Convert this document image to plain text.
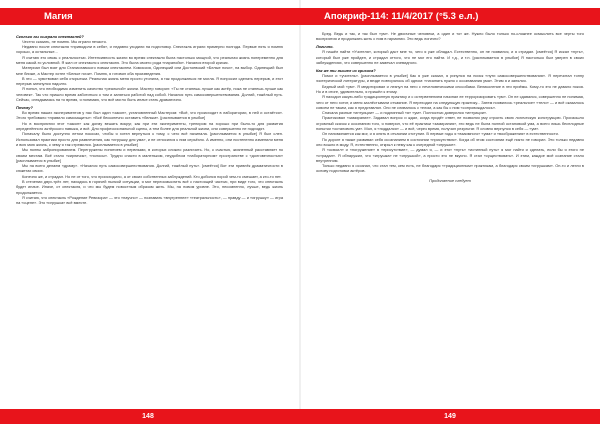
Магия

Сколько вы сыграли спектаклей?

Честно сказать, не помню. Мы играли нечасто.

Недавно после спектакля «приводили в себя», и недавно уходили на подготовку. Спектакль играли примерно полгода. Первые пять я помню хорошо, а остальные...

Я считаю это связь с реальностью. Интенсивность жизни во время спектакля была настолько мощной, что реальная жизнь попеременно для меня какой-то условной. Я жил от спектакля к спектаклю. Это была своего рода «паранойя». Начался второй кризис.

Материал был взят для Станиславского новым спектаклем. Комиссия, Одинецкий или Достоевский «Белые ночи», на выбор. Одинецкий был мне ближе, а Мастер хотел «Белые ночи». Помню, я готовил оба произведения.

В это — чувствовал себя открытым. Реальная жизнь меня просто утопила, я так продолжаться не могла. Я попросил сделать перерыв, и этот перерыв затянулся надолго.

Я понял, что необходимо изменить качество «реальной» жизни. Мастер говорил: «Ты не станешь лучше как актёр, пока не станешь лучше как человек». Так что пришло время заботиться о том и заняться работой над собой. Начался путь самосовершенствования. Долгий, тяжёлый путь. Сейчас, оглядываясь на то время, я понимаю, что всё могло быть иначе стать драматично.

Почему?

Во время наших экспериментов у нас был один «закон», установленный Мастером: «Всё, что происходит в лаборатории, в ней и остаётся». Этого требовало «правило самозащиты»: «Всё бесконечно оставить «белым». [расплывается в улыбке]

Но в восприятии этот «закон» как догму вешать вокруг, как при эти эксперименты, трениром на хорошо при было-то для развития определённого актёрского навыка, и всё. Для профессиональной сцены, а тем более для реальной жизни, они совершенно не подходят.

Поначалу было доступно летом покосах, чтобы я хотел вернуться к тому, с чего всё начинала. [расплывается в улыбке] Я был слеп. Использовал практики просто для развлечения, как «игрушку для ума», и не относился к ним серьёзно. А именно, они постепенно изменили меня и всю мою жизнь, к чему я так стремился. [расплывается в улыбке]

Мы полны забронированием. Перегружены понятием и нервными, в которых сложно различить. Но, к счастью, жизненный расставляет по своим местам. Всё стало «кирпичик», «полосы». Трудно спасти в маленьком, неудобном «лабораторном» пространстве с «долговечностью» [расплывается в улыбке]

Мы на всего делаем «драму». «Начался путь самосовершенствования. Долгий, тяжёлый путь». [смеётся] Вот эти привлёк драматичности в сюжетах своих.

Конечно же, и страдал. Но не от того, что происходило, а от своих собственных заблуждений. Кто добился порой чем-то смешает, а кто-то нет.

В стечении двух-трёх лет, находясь в горячей пылкой ситуации, я мог переосмыслить всё с настоящей частью, при виде того, что спектакль будет иначе. Иначе, от спектакля, и что мы будем новостным образом жить. Мы, на новом уровне. Это, несомненно, лучше, ведь жизнь продолжается.

Я считаю, что спектакль «Рождение Ревизора» — это «научно» — познавать «внутреннее» «театральность», — правду — и «игрушку» — игра на «сцене». Это «игрушка» всё вместе.

148
Апокриф-114: 11/4/2017 (°5.3 е.л.)

Бред. Ведь и так, и так был «ум». Не двоичные человеки, а один и тот же. Нужно было только по-сложнее осмыслить все черты того восприятия и продолжать жить с ним в гармонии. Это ведь логично?

Логично.

Я нашёл найти «Учителя», который даст мне то, чего я уже обладал. Естественно, он не появился, и я страдал. [смеётся] Я искал «путь», который был уже пройден, и страдал оттого, что не мог его найти. И т.д., и т.п. [расплывается в улыбке] Я настолько был уверен в своих заблуждениях, что совершенно не замечал очевидного.

Как же ты вышел из кризиса?

Помог и «учитель». [расплывается в улыбке] Как я уже сказал, я ринулся на поиск «пути самосовершенствования». Я перечитал тонну эзотерической литературы, и везде повторялось об одном: «начинать нужно с осознавания ума». Этим я и занялся.

Бедный мой «ум». Я медитировал и лезнул на него с нечеловеческими способами. Великолепие в эти приёмы. Кому-то это не давало покоя. Но и в итоге, удивительно, я пришёл к этому.

Я находил какую-либо традиционную практику и с остервенением начинал ее терроризировать «ум». Он не сдавался, совершенно не понимая, чего от него хотят, и меня захлёстывали отчаяние. Я переходил на следующую практику... Затем появилось «реальное» «тело» — и всё оказалось совсем не таким, как я представлял. Оно не сливалось с телом, а как бы с ним «сопровождалось».

Сначала разные «интуиции» — и подлинный «я» «ум». Полностью доверился «интуиции».

Практиковал «замирание». Задавал вопрос и ждал, когда придёт ответ, не позволяя уму строить свою логическую конструкцию. Произошло огромный скачок к осознанию того, я поверил, что её практики «замирания», это ведь не была полной остановкой ума, а всего лишь бесплодные попытки «остановить ум». Мол, я «поддался» — и всё, через время, получил результат. Я словно вернулся в себя — «ум».

Он напоминается как мог, и я опять в отчаянии отступил. В первые годы я «взаимного» «ума» и «воображения» в естественности.

По дороге я также развивал себя осознанием в состоянии «присутствия». Когда об этом состоянии ещё никто не говорил. Это только недавно оно вошло в моду. Я, естественно, открыл к нему как к очередной «игрушке».

Я «освоил» и «погружение» в «присутствие», — думал я, — и этот «путь» «истинный путь» я мог найти и сделать, если бы я этого не «страдал». Я обнаружил, что «игрушка» не «игрушкой», а просто это не вкусно. Я стал «существовать». И этим, каждое моё сознание стало внутренним.

Только недавно я осознал, что стал тем, кем есть, не благодаря «традиционным» практикам, а благодаря своим «игрушкам». Он-то и легли в основу подготовки актёров.

Продолжение следует

149
